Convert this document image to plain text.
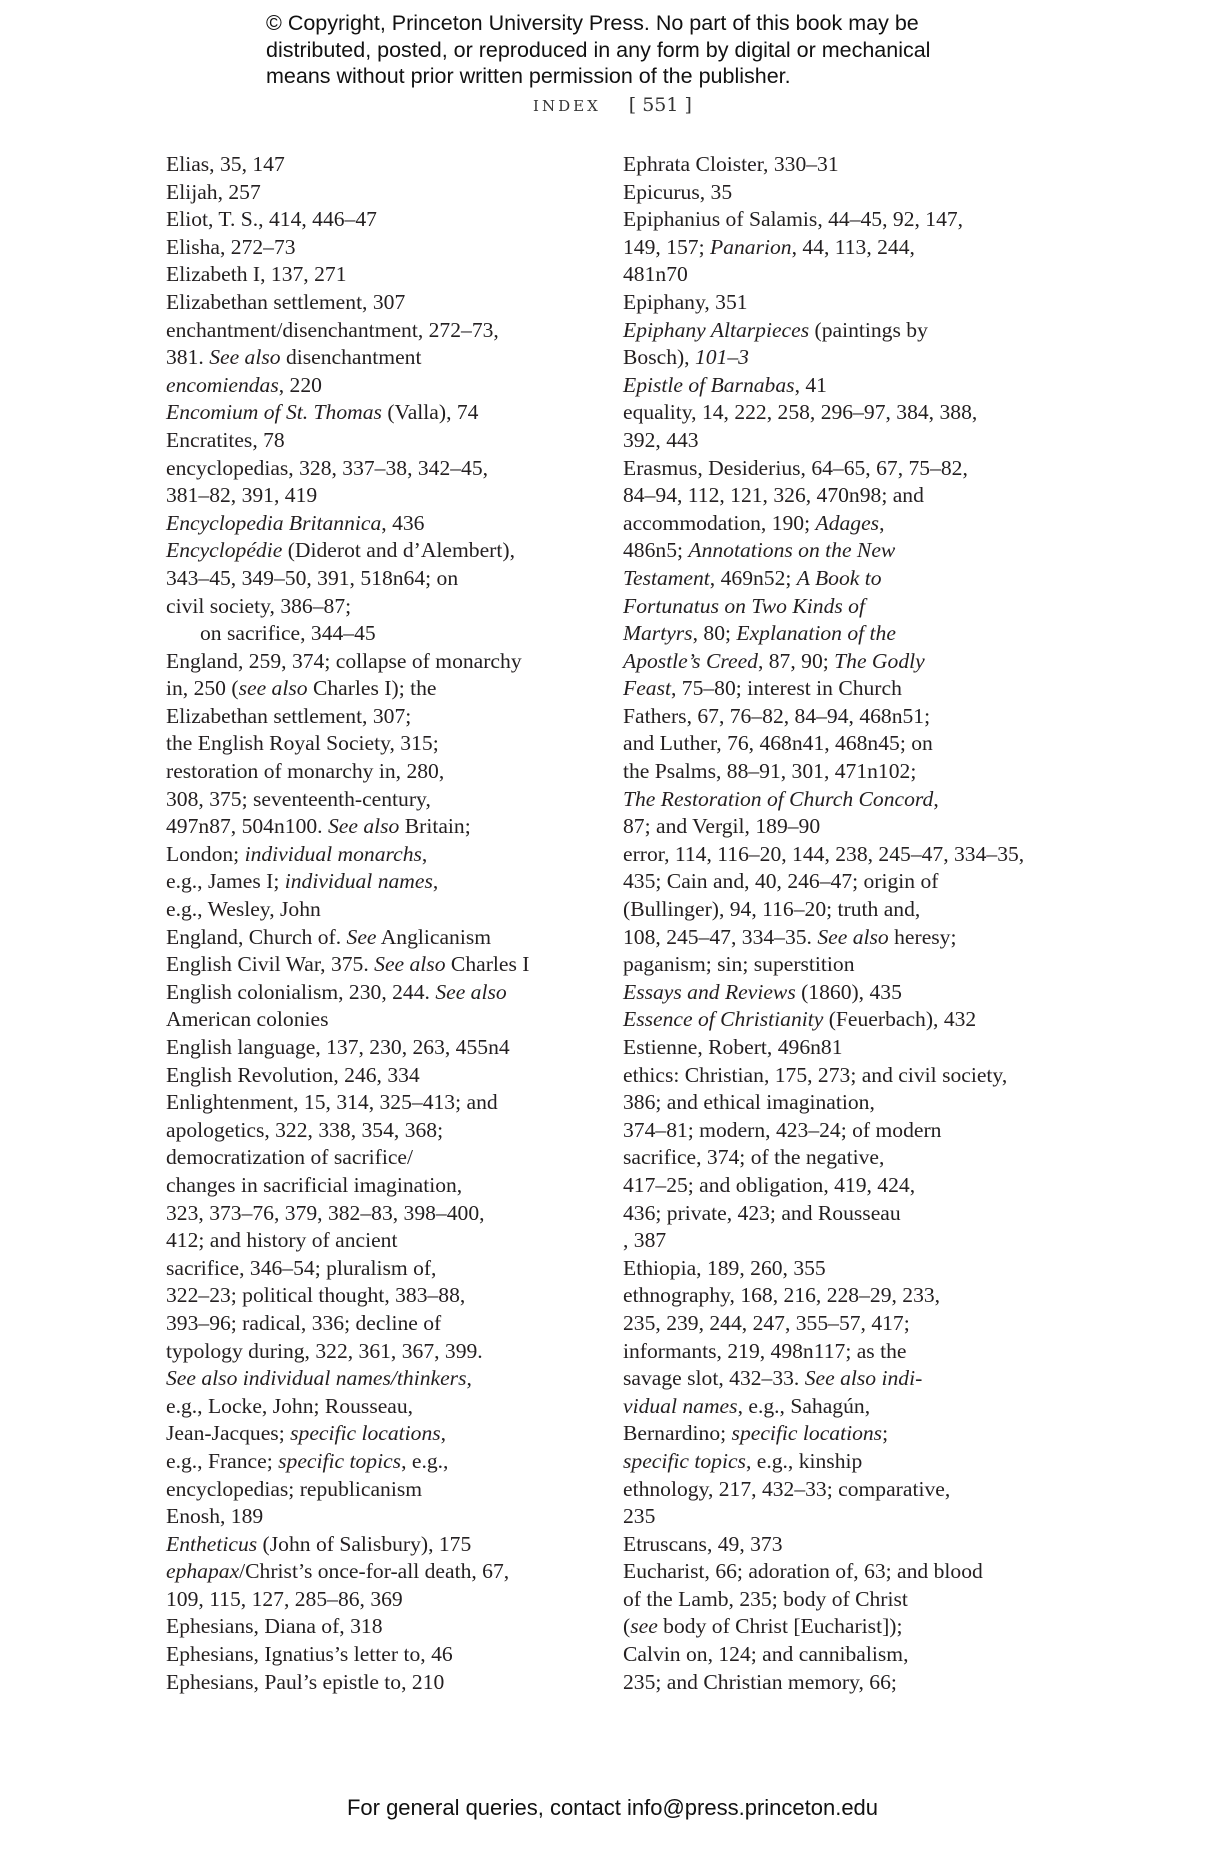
© Copyright, Princeton University Press. No part of this book may be
distributed, posted, or reproduced in any form by digital or mechanical
means without prior written permission of the publisher.
INDEX [ 551 ]
Elias, 35, 147
Elijah, 257
Eliot, T. S., 414, 446–47
Elisha, 272–73
Elizabeth I, 137, 271
Elizabethan settlement, 307
enchantment/disenchantment, 272–73,
381. See also disenchantment
encomiendas, 220
Encomium of St. Thomas (Valla), 74
Encratites, 78
encyclopedias, 328, 337–38, 342–45,
381–82, 391, 419
Encyclopedia Britannica, 436
Encyclopédie (Diderot and d’Alembert),
343–45, 349–50, 391, 518n64; on
civil society, 386–87;
on sacrifice, 344–45
England, 259, 374; collapse of monarchy
in, 250 (see also Charles I); the
Elizabethan settlement, 307;
the English Royal Society, 315;
restoration of monarchy in, 280,
308, 375; seventeenth-century,
497n87, 504n100. See also Britain;
London; individual monarchs,
e.g., James I; individual names,
e.g., Wesley, John
England, Church of. See Anglicanism
English Civil War, 375. See also Charles I
English colonialism, 230, 244. See also
American colonies
English language, 137, 230, 263, 455n4
English Revolution, 246, 334
Enlightenment, 15, 314, 325–413; and
apologetics, 322, 338, 354, 368;
democratization of sacrifice/
changes in sacrificial imagination,
323, 373–76, 379, 382–83, 398–400,
412; and history of ancient
sacrifice, 346–54; pluralism of,
322–23; political thought, 383–88,
393–96; radical, 336; decline of
typology during, 322, 361, 367, 399.
See also individual names/thinkers,
e.g., Locke, John; Rousseau,
Jean-Jacques; specific locations,
e.g., France; specific topics, e.g.,
encyclopedias; republicanism
Enosh, 189
Entheticus (John of Salisbury), 175
ephapax/Christ’s once-for-all death, 67,
109, 115, 127, 285–86, 369
Ephesians, Diana of, 318
Ephesians, Ignatius’s letter to, 46
Ephesians, Paul’s epistle to, 210
Ephrata Cloister, 330–31
Epicurus, 35
Epiphanius of Salamis, 44–45, 92, 147,
149, 157; Panarion, 44, 113, 244,
481n70
Epiphany, 351
Epiphany Altarpieces (paintings by
Bosch), 101–3
Epistle of Barnabas, 41
equality, 14, 222, 258, 296–97, 384, 388,
392, 443
Erasmus, Desiderius, 64–65, 67, 75–82,
84–94, 112, 121, 326, 470n98; and
accommodation, 190; Adages,
486n5; Annotations on the New
Testament, 469n52; A Book to
Fortunatus on Two Kinds of
Martyrs, 80; Explanation of the
Apostle’s Creed, 87, 90; The Godly
Feast, 75–80; interest in Church
Fathers, 67, 76–82, 84–94, 468n51;
and Luther, 76, 468n41, 468n45; on
the Psalms, 88–91, 301, 471n102;
The Restoration of Church Concord,
87; and Vergil, 189–90
error, 114, 116–20, 144, 238, 245–47, 334–35,
435; Cain and, 40, 246–47; origin of
(Bullinger), 94, 116–20; truth and,
108, 245–47, 334–35. See also heresy;
paganism; sin; superstition
Essays and Reviews (1860), 435
Essence of Christianity (Feuerbach), 432
Estienne, Robert, 496n81
ethics: Christian, 175, 273; and civil society,
386; and ethical imagination,
374–81; modern, 423–24; of modern
sacrifice, 374; of the negative,
417–25; and obligation, 419, 424,
436; private, 423; and Rousseau
, 387
Ethiopia, 189, 260, 355
ethnography, 168, 216, 228–29, 233,
235, 239, 244, 247, 355–57, 417;
informants, 219, 498n117; as the
savage slot, 432–33. See also indi-
vidual names, e.g., Sahagún,
Bernardino; specific locations;
specific topics, e.g., kinship
ethnology, 217, 432–33; comparative,
235
Etruscans, 49, 373
Eucharist, 66; adoration of, 63; and blood
of the Lamb, 235; body of Christ
(see body of Christ [Eucharist]);
Calvin on, 124; and cannibalism,
235; and Christian memory, 66;
For general queries, contact info@press.princeton.edu
